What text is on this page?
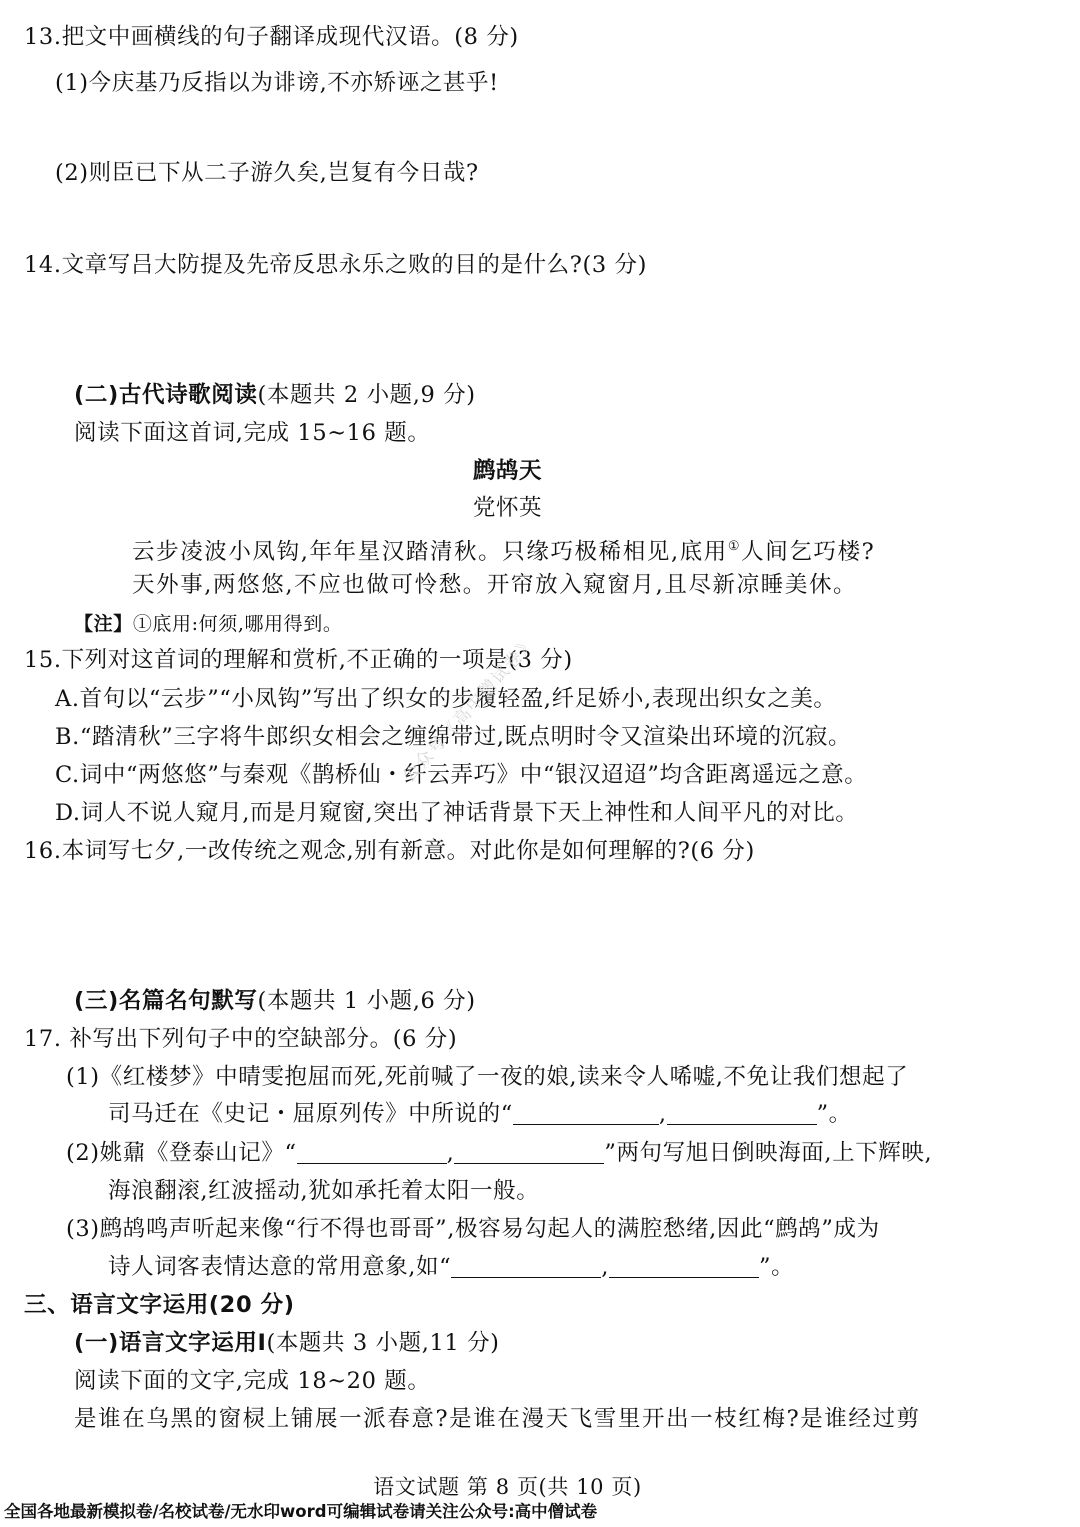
13.把文中画横线的句子翻译成现代汉语。(8 分)
(1)今庆基乃反指以为诽谤,不亦矫诬之甚乎!
(2)则臣已下从二子游久矣,岂复有今日哉?
14.文章写吕大防提及先帝反思永乐之败的目的是什么?(3 分)
(二)古代诗歌阅读(本题共 2 小题,9 分)
阅读下面这首词,完成 15~16 题。
鹧鸪天
党怀英
云步凌波小凤钩,年年星汉踏清秋。只缘巧极稀相见,底用①人间乞巧楼?
天外事,两悠悠,不应也做可怜愁。开帘放入窥窗月,且尽新凉睡美休。
【注】①底用:何须,哪用得到。
15.下列对这首词的理解和赏析,不正确的一项是(3 分)
A.首句以“云步”“小凤钩”写出了织女的步履轻盈,纤足娇小,表现出织女之美。
B.“踏清秋”三字将牛郎织女相会之缠绵带过,既点明时令又渲染出环境的沉寂。
C.词中“两悠悠”与秦观《鹊桥仙・纤云弄巧》中“银汉迢迢”均含距离遥远之意。
D.词人不说人窥月,而是月窥窗,突出了神话背景下天上神性和人间平凡的对比。
16.本词写七夕,一改传统之观念,别有新意。对此你是如何理解的?(6 分)
(三)名篇名句默写(本题共 1 小题,6 分)
17. 补写出下列句子中的空缺部分。(6 分)
(1)《红楼梦》中晴雯抱屈而死,死前喊了一夜的娘,读来令人唏嘘,不免让我们想起了
司马迁在《史记・屈原列传》中所说的“	,	”。
(2)姚鼐《登泰山记》“	,	”两句写旭日倒映海面,上下辉映,
海浪翻滚,红波摇动,犹如承托着太阳一般。
(3)鹧鸪鸣声听起来像“行不得也哥哥”,极容易勾起人的满腔愁绪,因此“鹧鸪”成为
诗人词客表情达意的常用意象,如“	,	”。
三、语言文字运用(20 分)
(一)语言文字运用Ⅰ(本题共 3 小题,11 分)
阅读下面的文字,完成 18~20 题。
是谁在乌黑的窗棂上铺展一派春意?是谁在漫天飞雪里开出一枝红梅?是谁经过剪
语文试题 第 8 页(共 10 页)
全国各地最新模拟卷/名校试卷/无水印word可编辑试卷请关注公众号:高中僧试卷
公众号《高中僧试卷》
